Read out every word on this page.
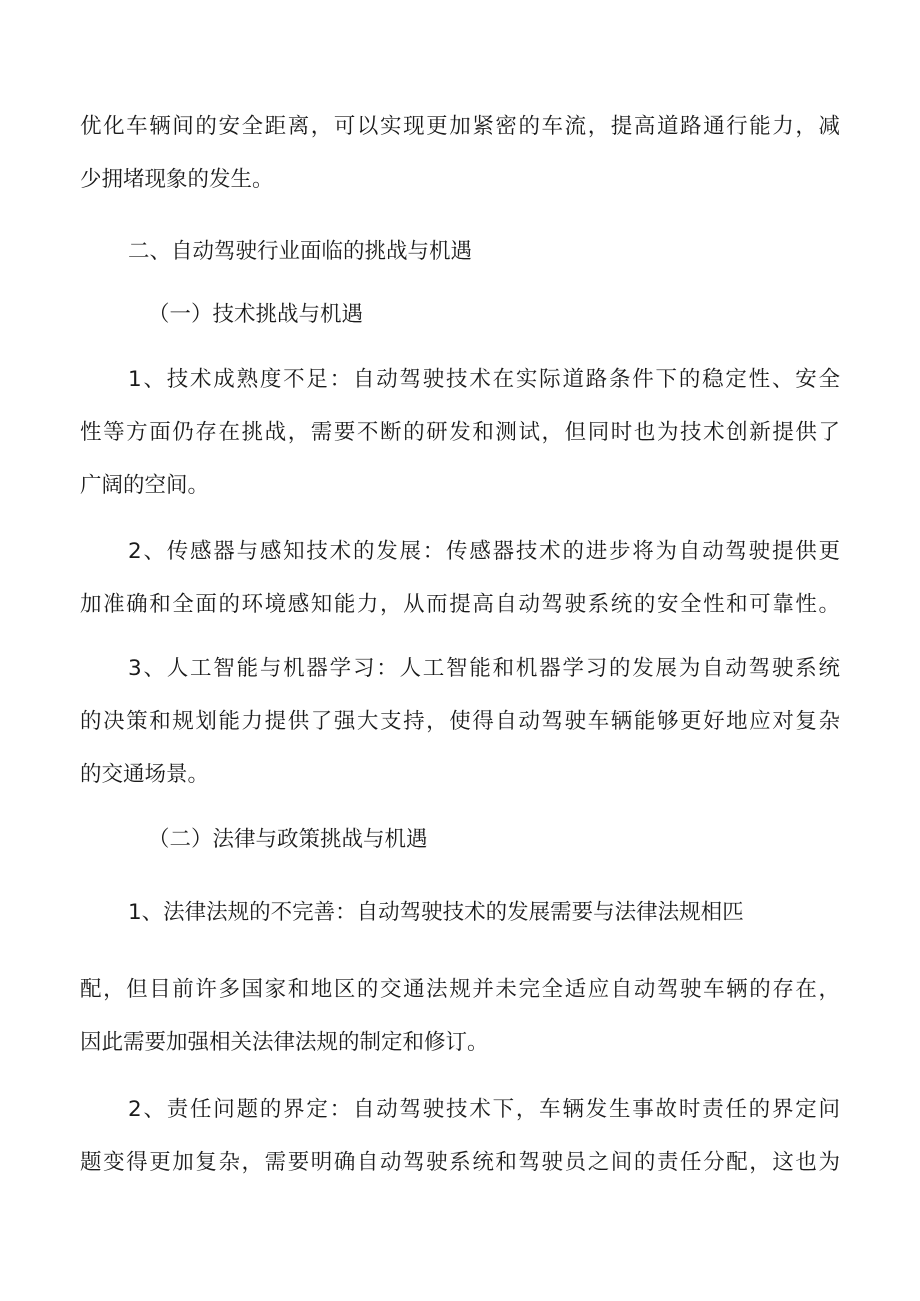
优化车辆间的安全距离，可以实现更加紧密的车流，提高道路通行能力，减
少拥堵现象的发生。
二、自动驾驶行业面临的挑战与机遇
（一）技术挑战与机遇
1、技术成熟度不足：自动驾驶技术在实际道路条件下的稳定性、安全
性等方面仍存在挑战，需要不断的研发和测试，但同时也为技术创新提供了
广阔的空间。
2、传感器与感知技术的发展：传感器技术的进步将为自动驾驶提供更
加准确和全面的环境感知能力，从而提高自动驾驶系统的安全性和可靠性。
3、人工智能与机器学习：人工智能和机器学习的发展为自动驾驶系统
的决策和规划能力提供了强大支持，使得自动驾驶车辆能够更好地应对复杂
的交通场景。
（二）法律与政策挑战与机遇
1、法律法规的不完善：自动驾驶技术的发展需要与法律法规相匹
配，但目前许多国家和地区的交通法规并未完全适应自动驾驶车辆的存在，
因此需要加强相关法律法规的制定和修订。
2、责任问题的界定：自动驾驶技术下，车辆发生事故时责任的界定问
题变得更加复杂，需要明确自动驾驶系统和驾驶员之间的责任分配，这也为
